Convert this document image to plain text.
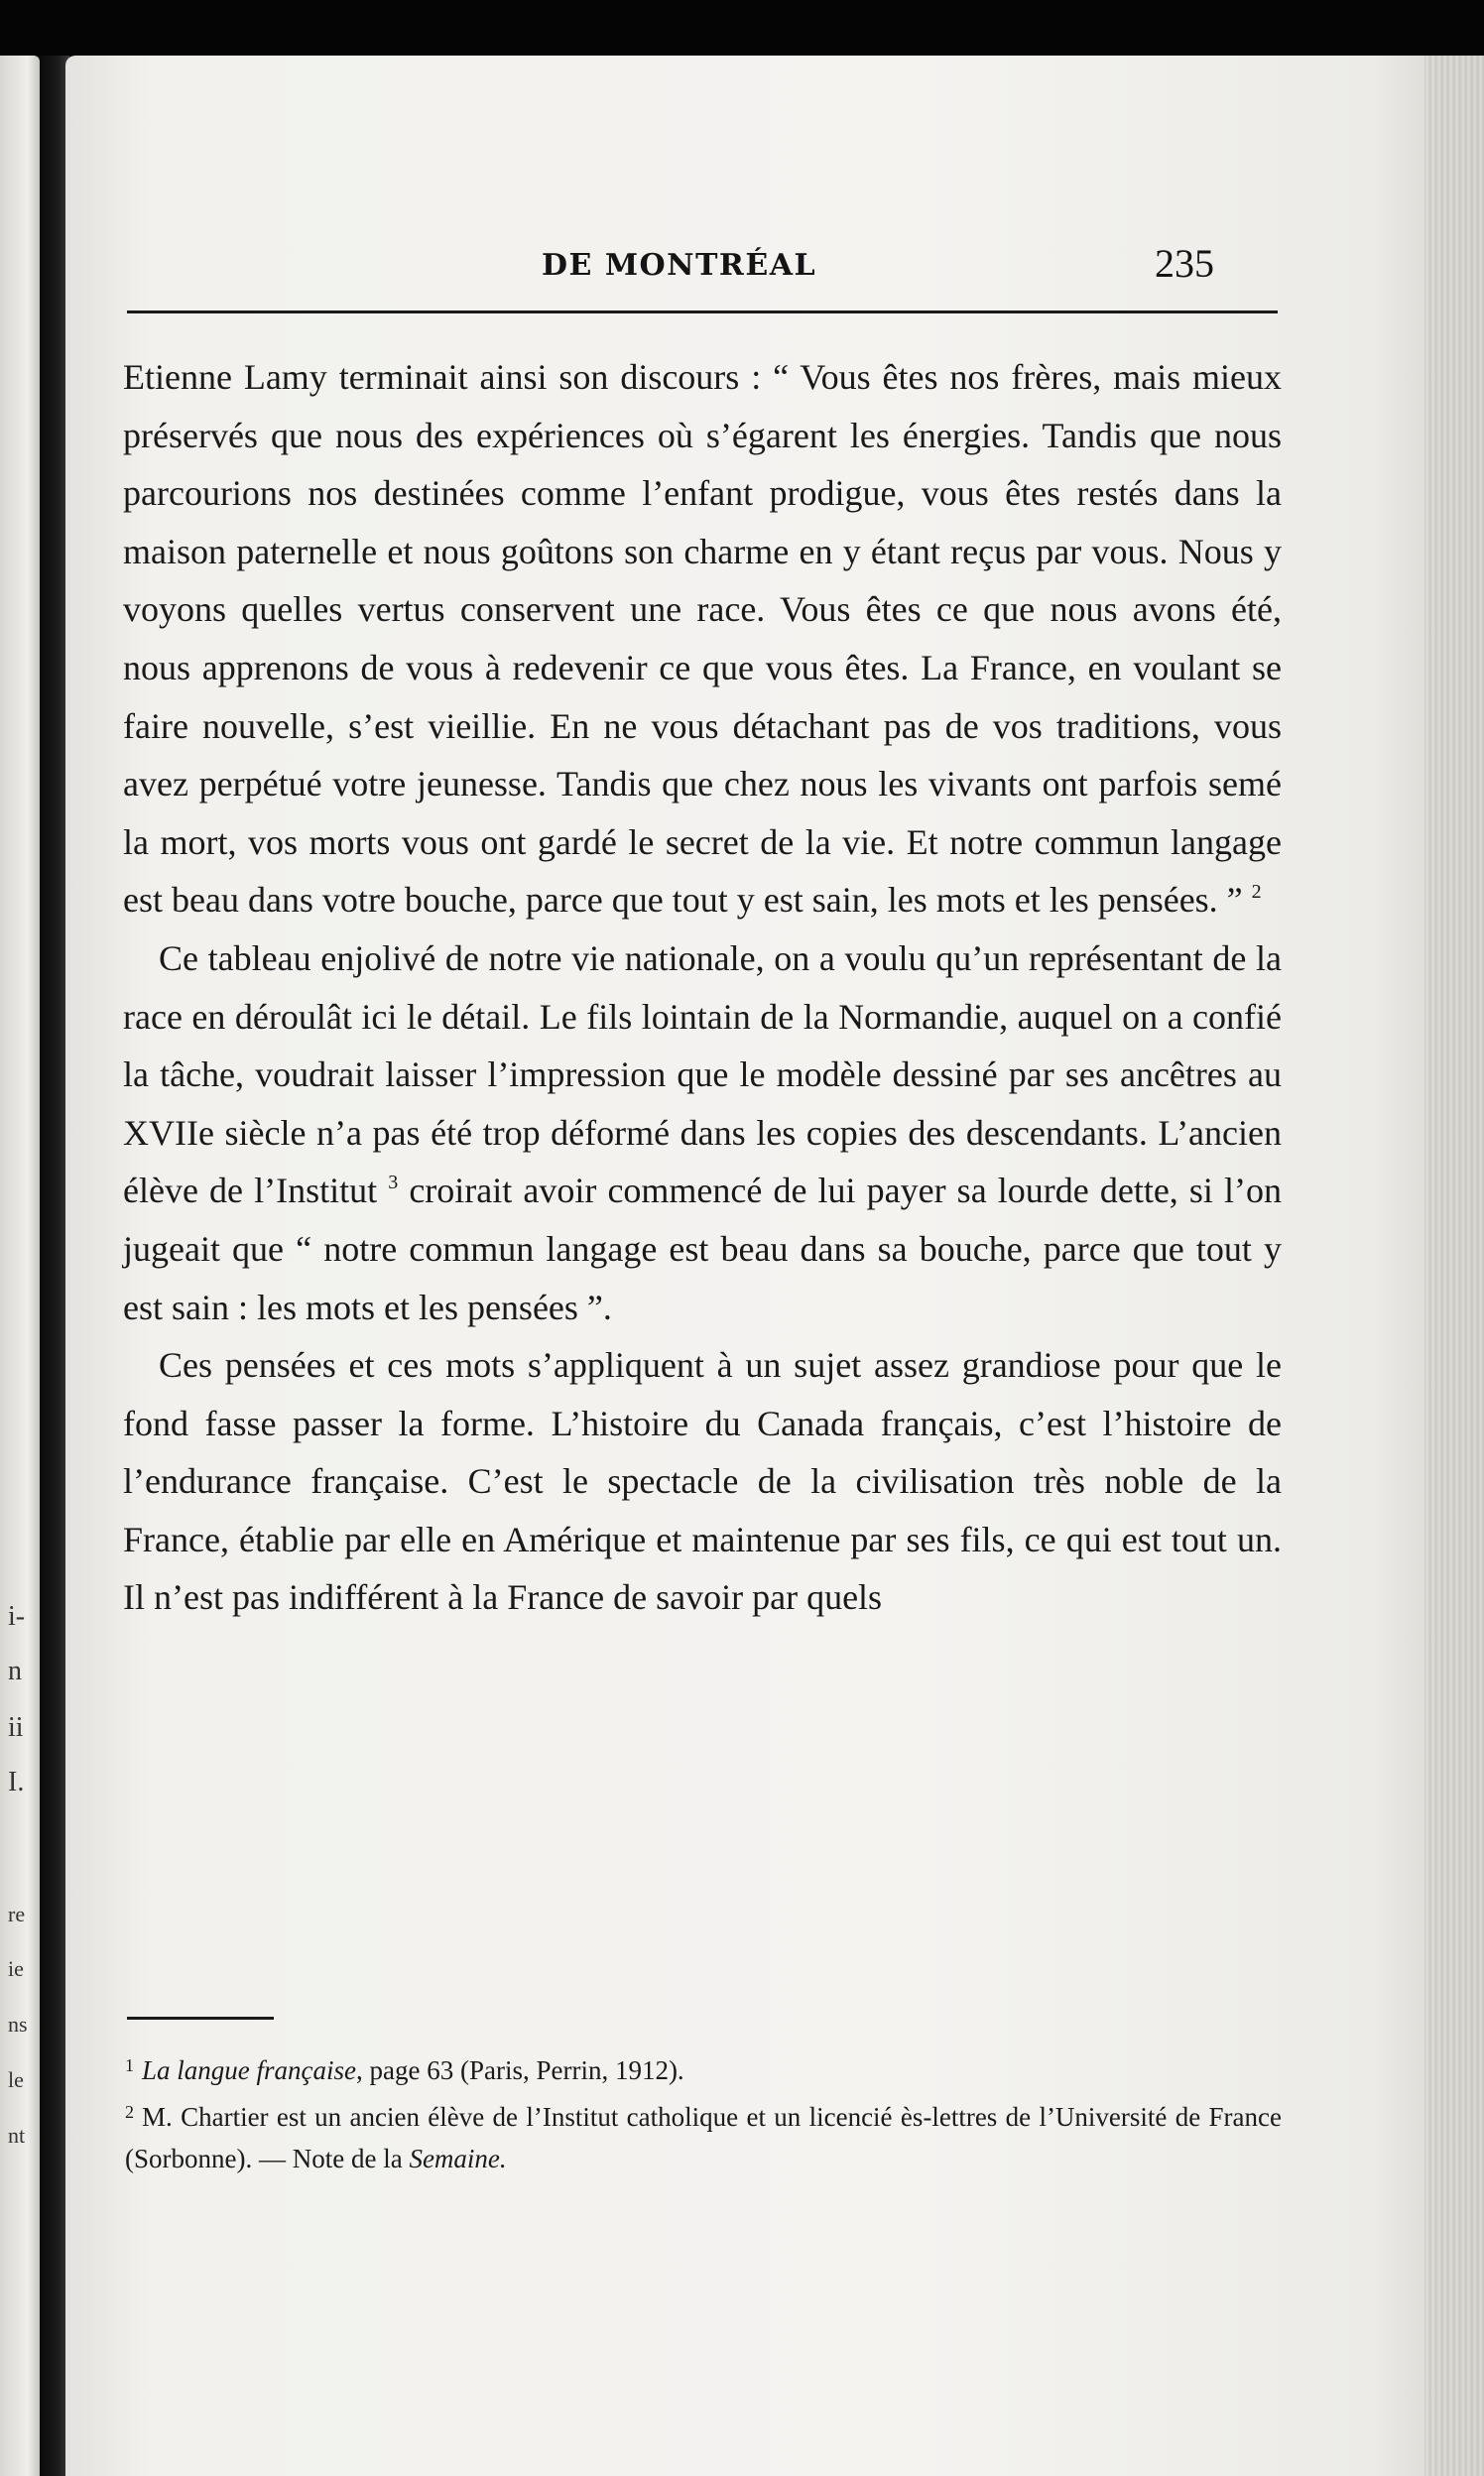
i-
n
ii
I.
re
ie
ns
le
nt
DE MONTRÉAL	235

Etienne Lamy terminait ainsi son discours : “ Vous êtes nos frères, mais mieux préservés que nous des expériences où s’égarent les énergies. Tandis que nous parcourions nos destinées comme l’enfant prodigue, vous êtes restés dans la maison paternelle et nous goûtons son charme en y étant reçus par vous. Nous y voyons quelles vertus conservent une race. Vous êtes ce que nous avons été, nous apprenons de vous à redevenir ce que vous êtes. La France, en voulant se faire nouvelle, s’est vieillie. En ne vous détachant pas de vos traditions, vous avez perpétué votre jeunesse. Tandis que chez nous les vivants ont parfois semé la mort, vos morts vous ont gardé le secret de la vie. Et notre commun langage est beau dans votre bouche, parce que tout y est sain, les mots et les pensées. ” $^2$

Ce tableau enjolivé de notre vie nationale, on a voulu qu’un représentant de la race en déroulât ici le détail. Le fils lointain de la Normandie, auquel on a confié la tâche, voudrait laisser l’impression que le modèle dessiné par ses ancêtres au XVIIe siècle n’a pas été trop déformé dans les copies des descendants. L’ancien élève de l’Institut $^3$ croirait avoir commencé de lui payer sa lourde dette, si l’on jugeait que “ notre commun langage est beau dans sa bouche, parce que tout y est sain : les mots et les pensées ”.

Ces pensées et ces mots s’appliquent à un sujet assez grandiose pour que le fond fasse passer la forme. L’histoire du Canada français, c’est l’histoire de l’endurance française. C’est le spectacle de la civilisation très noble de la France, établie par elle en Amérique et maintenue par ses fils, ce qui est tout un. Il n’est pas indifférent à la France de savoir par quels

$^1$ La langue française, page 63 (Paris, Perrin, 1912).

$^2$ M. Chartier est un ancien élève de l’Institut catholique et un licencié ès-lettres de l’Université de France (Sorbonne). — Note de la Semaine.
